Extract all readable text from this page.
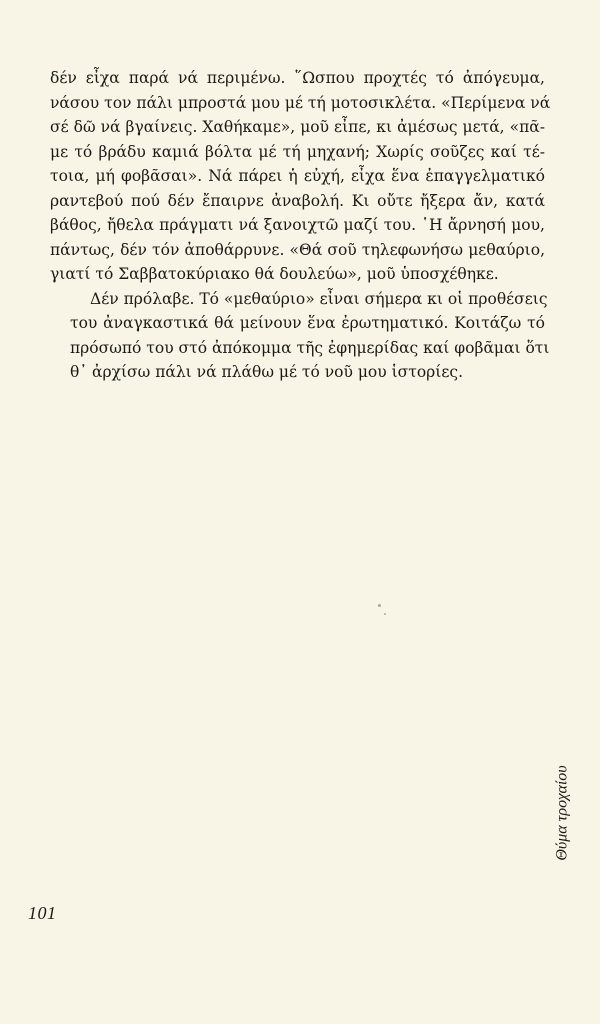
δέν εἶχα παρά νά περιμένω. ῞Ωσπου προχτές τό ἀπόγευμα,
νάσου τον πάλι μπροστά μου μέ τή μοτοσικλέτα. «Περίμενα νά
σέ δῶ νά βγαίνεις. Χαθήκαμε», μοῦ εἶπε, κι ἀμέσως μετά, «πᾶ-
με τό βράδυ καμιά βόλτα μέ τή μηχανή; Χωρίς σοῦζες καί τέ-
τοια, μή φοβᾶσαι». Νά πάρει ἡ εὐχή, εἶχα ἕνα ἐπαγγελματικό
ραντεβού πού δέν ἔπαιρνε ἀναβολή. Κι οὔτε ἤξερα ἄν, κατά
βάθος, ἤθελα πράγματι νά ξανοιχτῶ μαζί του. ῾Η ἄρνησή μου,
πάντως, δέν τόν ἀποθάρρυνε. «Θά σοῦ τηλεφωνήσω μεθαύριο,
γιατί τό Σαββατοκύριακο θά δουλεύω», μοῦ ὑποσχέθηκε.

Δέν πρόλαβε. Τό «μεθαύριο» εἶναι σήμερα κι οἱ προθέσεις
του ἀναγκαστικά θά μείνουν ἕνα ἐρωτηματικό. Κοιτάζω τό
πρόσωπό του στό ἀπόκομμα τῆς ἐφημερίδας καί φοβᾶμαι ὅτι
θ᾿ ἀρχίσω πάλι νά πλάθω μέ τό νοῦ μου ἱστορίες.

Θύμα τροχαίου
101
